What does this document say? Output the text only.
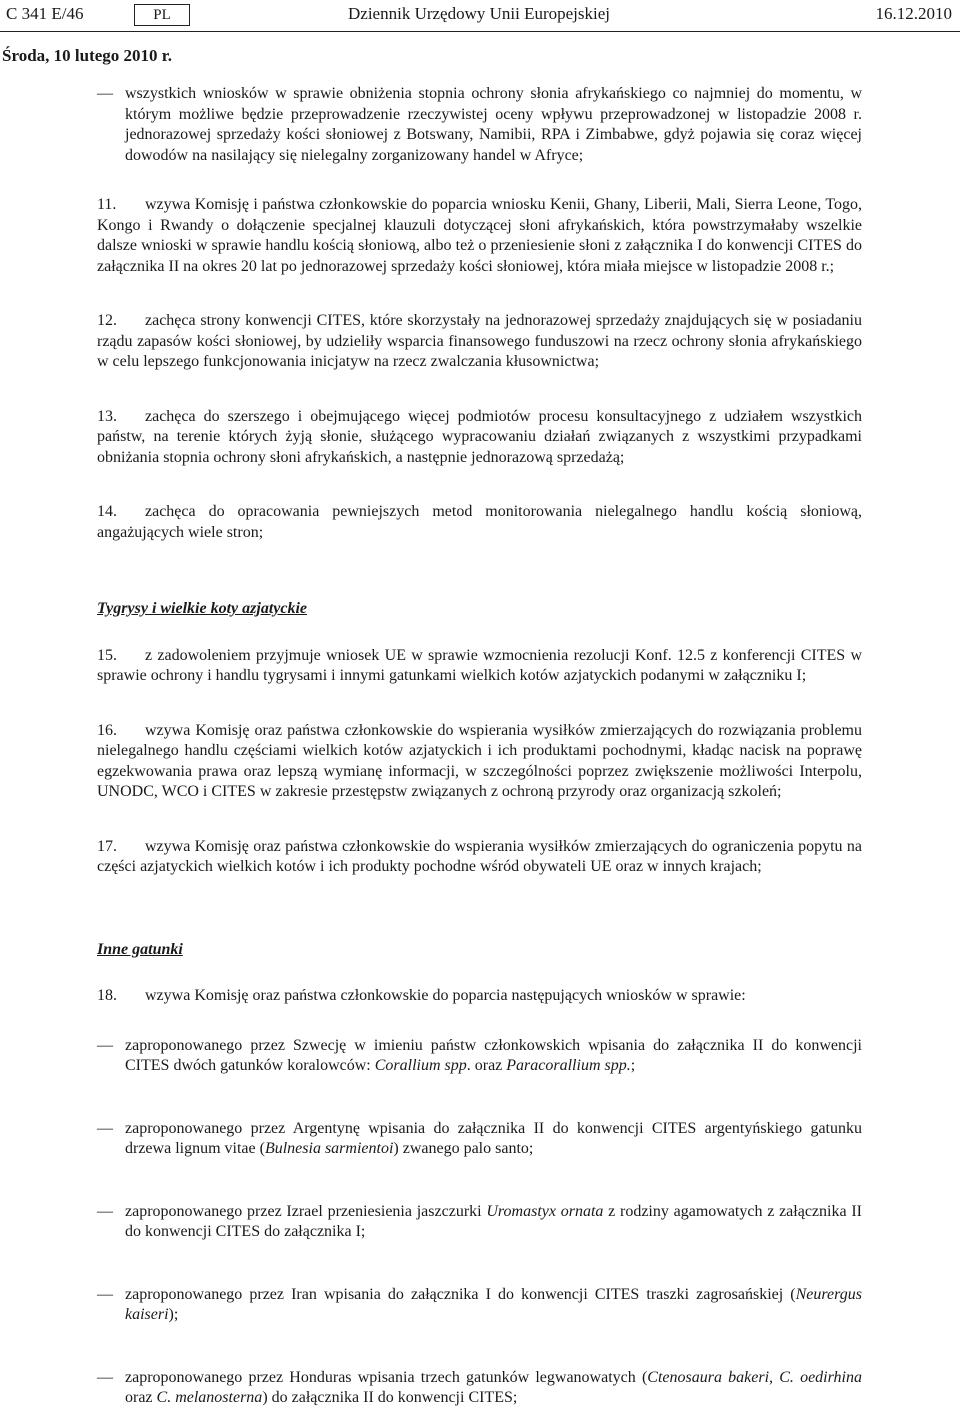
C 341 E/46	PL	Dziennik Urzędowy Unii Europejskiej	16.12.2010
Środa, 10 lutego 2010 r.

— wszystkich wniosków w sprawie obniżenia stopnia ochrony słonia afrykańskiego co najmniej do momentu, w którym możliwe będzie przeprowadzenie rzeczywistej oceny wpływu przeprowadzonej w listopadzie 2008 r. jednorazowej sprzedaży kości słoniowej z Botswany, Namibii, RPA i Zimbabwe, gdyż pojawia się coraz więcej dowodów na nasilający się nielegalny zorganizowany handel w Afryce;

11. wzywa Komisję i państwa członkowskie do poparcia wniosku Kenii, Ghany, Liberii, Mali, Sierra Leone, Togo, Kongo i Rwandy o dołączenie specjalnej klauzuli dotyczącej słoni afrykańskich, która powstrzymałaby wszelkie dalsze wnioski w sprawie handlu kością słoniową, albo też o przeniesienie słoni z załącznika I do konwencji CITES do załącznika II na okres 20 lat po jednorazowej sprzedaży kości słoniowej, która miała miejsce w listopadzie 2008 r.;

12. zachęca strony konwencji CITES, które skorzystały na jednorazowej sprzedaży znajdujących się w posiadaniu rządu zapasów kości słoniowej, by udzieliły wsparcia finansowego funduszowi na rzecz ochrony słonia afrykańskiego w celu lepszego funkcjonowania inicjatyw na rzecz zwalczania kłusownictwa;

13. zachęca do szerszego i obejmującego więcej podmiotów procesu konsultacyjnego z udziałem wszystkich państw, na terenie których żyją słonie, służącego wypracowaniu działań związanych z wszystkimi przypadkami obniżania stopnia ochrony słoni afrykańskich, a następnie jednorazową sprzedażą;

14. zachęca do opracowania pewniejszych metod monitorowania nielegalnego handlu kością słoniową, angażujących wiele stron;

Tygrysy i wielkie koty azjatyckie

15. z zadowoleniem przyjmuje wniosek UE w sprawie wzmocnienia rezolucji Konf. 12.5 z konferencji CITES w sprawie ochrony i handlu tygrysami i innymi gatunkami wielkich kotów azjatyckich podanymi w załączniku I;

16. wzywa Komisję oraz państwa członkowskie do wspierania wysiłków zmierzających do rozwiązania problemu nielegalnego handlu częściami wielkich kotów azjatyckich i ich produktami pochodnymi, kładąc nacisk na poprawę egzekwowania prawa oraz lepszą wymianę informacji, w szczególności poprzez zwiększenie możliwości Interpolu, UNODC, WCO i CITES w zakresie przestępstw związanych z ochroną przyrody oraz organizacją szkoleń;

17. wzywa Komisję oraz państwa członkowskie do wspierania wysiłków zmierzających do ograniczenia popytu na części azjatyckich wielkich kotów i ich produkty pochodne wśród obywateli UE oraz w innych krajach;

Inne gatunki

18. wzywa Komisję oraz państwa członkowskie do poparcia następujących wniosków w sprawie:

— zaproponowanego przez Szwecję w imieniu państw członkowskich wpisania do załącznika II do konwencji CITES dwóch gatunków koralowców: Corallium spp. oraz Paracorallium spp.;

— zaproponowanego przez Argentynę wpisania do załącznika II do konwencji CITES argentyńskiego gatunku drzewa lignum vitae (Bulnesia sarmientoi) zwanego palo santo;

— zaproponowanego przez Izrael przeniesienia jaszczurki Uromastyx ornata z rodziny agamowatych z załącznika II do konwencji CITES do załącznika I;

— zaproponowanego przez Iran wpisania do załącznika I do konwencji CITES traszki zagrosańskiej (Neurergus kaiseri);

— zaproponowanego przez Honduras wpisania trzech gatunków legwanowatych (Ctenosaura bakeri, C. oedirhina oraz C. melanosterna) do załącznika II do konwencji CITES;
